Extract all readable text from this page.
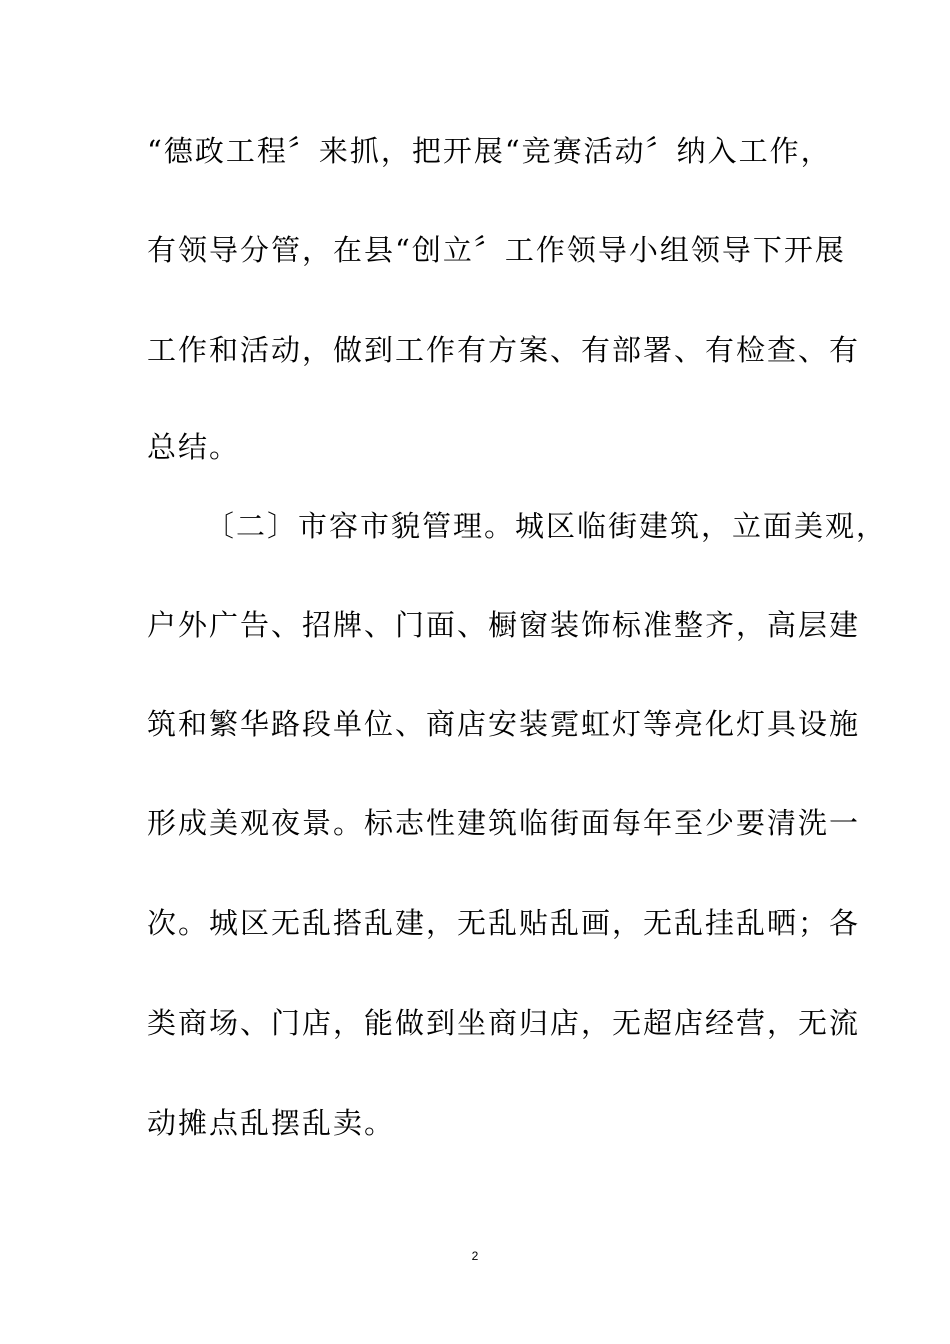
“德政工程〞来抓，把开展“竞赛活动〞纳入工作，
有领导分管，在县“创立〞工作领导小组领导下开展
工作和活动，做到工作有方案、有部署、有检查、有
总结。
〔二〕市容市貌管理。城区临街建筑，立面美观，
户外广告、招牌、门面、橱窗装饰标准整齐，高层建
筑和繁华路段单位、商店安装霓虹灯等亮化灯具设施
形成美观夜景。标志性建筑临街面每年至少要清洗一
次。城区无乱搭乱建，无乱贴乱画，无乱挂乱晒；各
类商场、门店，能做到坐商归店，无超店经营，无流
动摊点乱摆乱卖。
2
